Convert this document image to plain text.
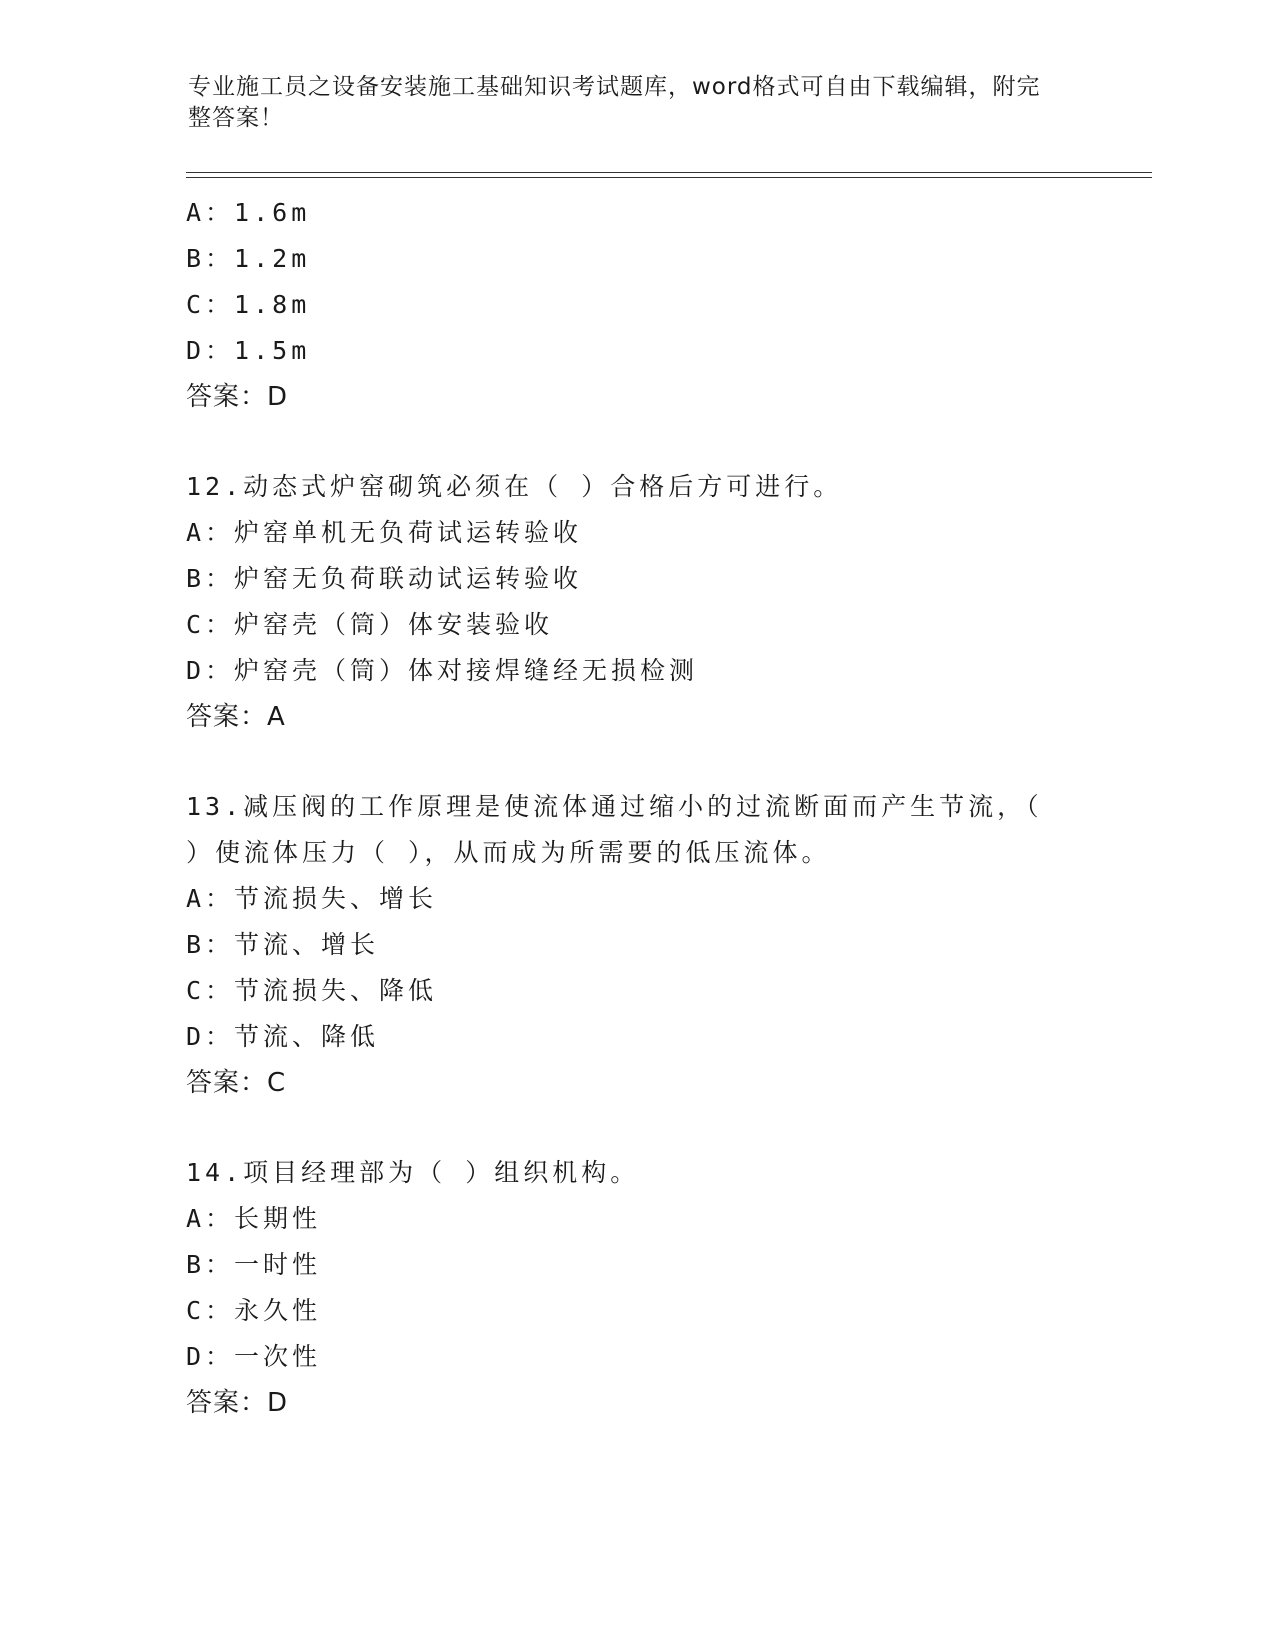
专业施工员之设备安装施工基础知识考试题库，word格式可自由下载编辑，附完
整答案！
A：1.6m
B：1.2m
C：1.8m
D：1.5m
答案：D
12.动态式炉窑砌筑必须在（ ）合格后方可进行。
A：炉窑单机无负荷试运转验收
B：炉窑无负荷联动试运转验收
C：炉窑壳（筒）体安装验收
D：炉窑壳（筒）体对接焊缝经无损检测
答案：A
13.减压阀的工作原理是使流体通过缩小的过流断面而产生节流，（
）使流体压力（ ），从而成为所需要的低压流体。
A：节流损失、增长
B：节流、增长
C：节流损失、降低
D：节流、降低
答案：C
14.项目经理部为（ ）组织机构。
A：长期性
B：一时性
C：永久性
D：一次性
答案：D
